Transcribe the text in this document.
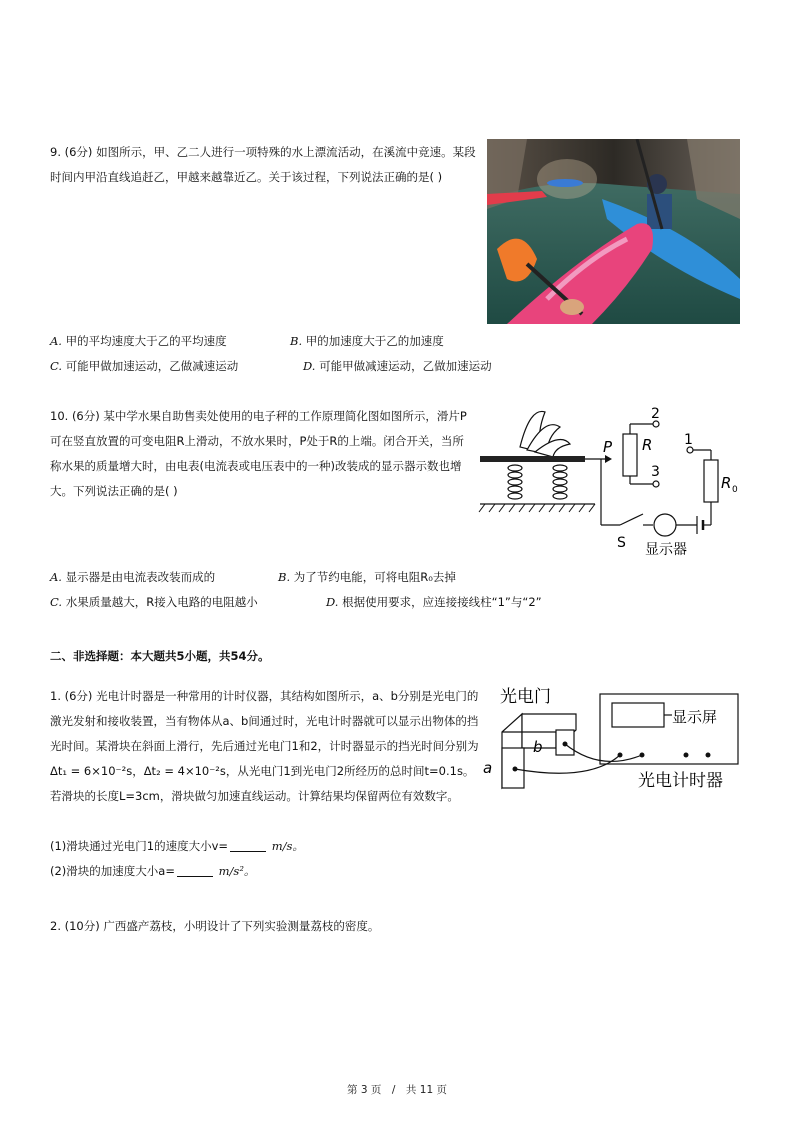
9. (6分) 如图所示，甲、乙二人进行一项特殊的水上漂流活动，在溪流中竞速。某段时间内甲沿直线追赶乙，甲越来越靠近乙。关于该过程，下列说法正确的是( )
A. 甲的平均速度大于乙的平均速度	B. 甲的加速度大于乙的加速度
C. 可能甲做加速运动，乙做减速运动	D. 可能甲做减速运动，乙做加速运动
10. (6分) 某中学水果自助售卖处使用的电子秤的工作原理简化图如图所示，滑片P可在竖直放置的可变电阻R上滑动，不放水果时，P处于R的上端。闭合开关，当所称水果的质量增大时，由电表(电流表或电压表中的一种)改装成的显示器示数也增大。下列说法正确的是( )
P R
R 0
2
3
1
S 显示器
A. 显示器是由电流表改装而成的	B. 为了节约电能，可将电阻R₀去掉
C. 水果质量越大，R接入电路的电阻越小	D. 根据使用要求，应连接接线柱“1”与“2”
二、非选择题：本大题共5小题，共54分。
1. (6分) 光电计时器是一种常用的计时仪器，其结构如图所示，a、b分别是光电门的激光发射和接收装置，当有物体从a、b间通过时，光电计时器就可以显示出物体的挡光时间。某滑块在斜面上滑行，先后通过光电门1和2，计时器显示的挡光时间分别为Δt₁ = 6×10⁻²s，Δt₂ = 4×10⁻²s，从光电门1到光电门2所经历的总时间t=0.1s。若滑块的长度L=3cm，滑块做匀加速直线运动。计算结果均保留两位有效数字。
光电门
a
b
显示屏
光电计时器
(1)滑块通过光电门1的速度大小v=	m/s。
(2)滑块的加速度大小a=	m/s²。
2. (10分) 广西盛产荔枝，小明设计了下列实验测量荔枝的密度。
第 3 页　/　共 11 页
